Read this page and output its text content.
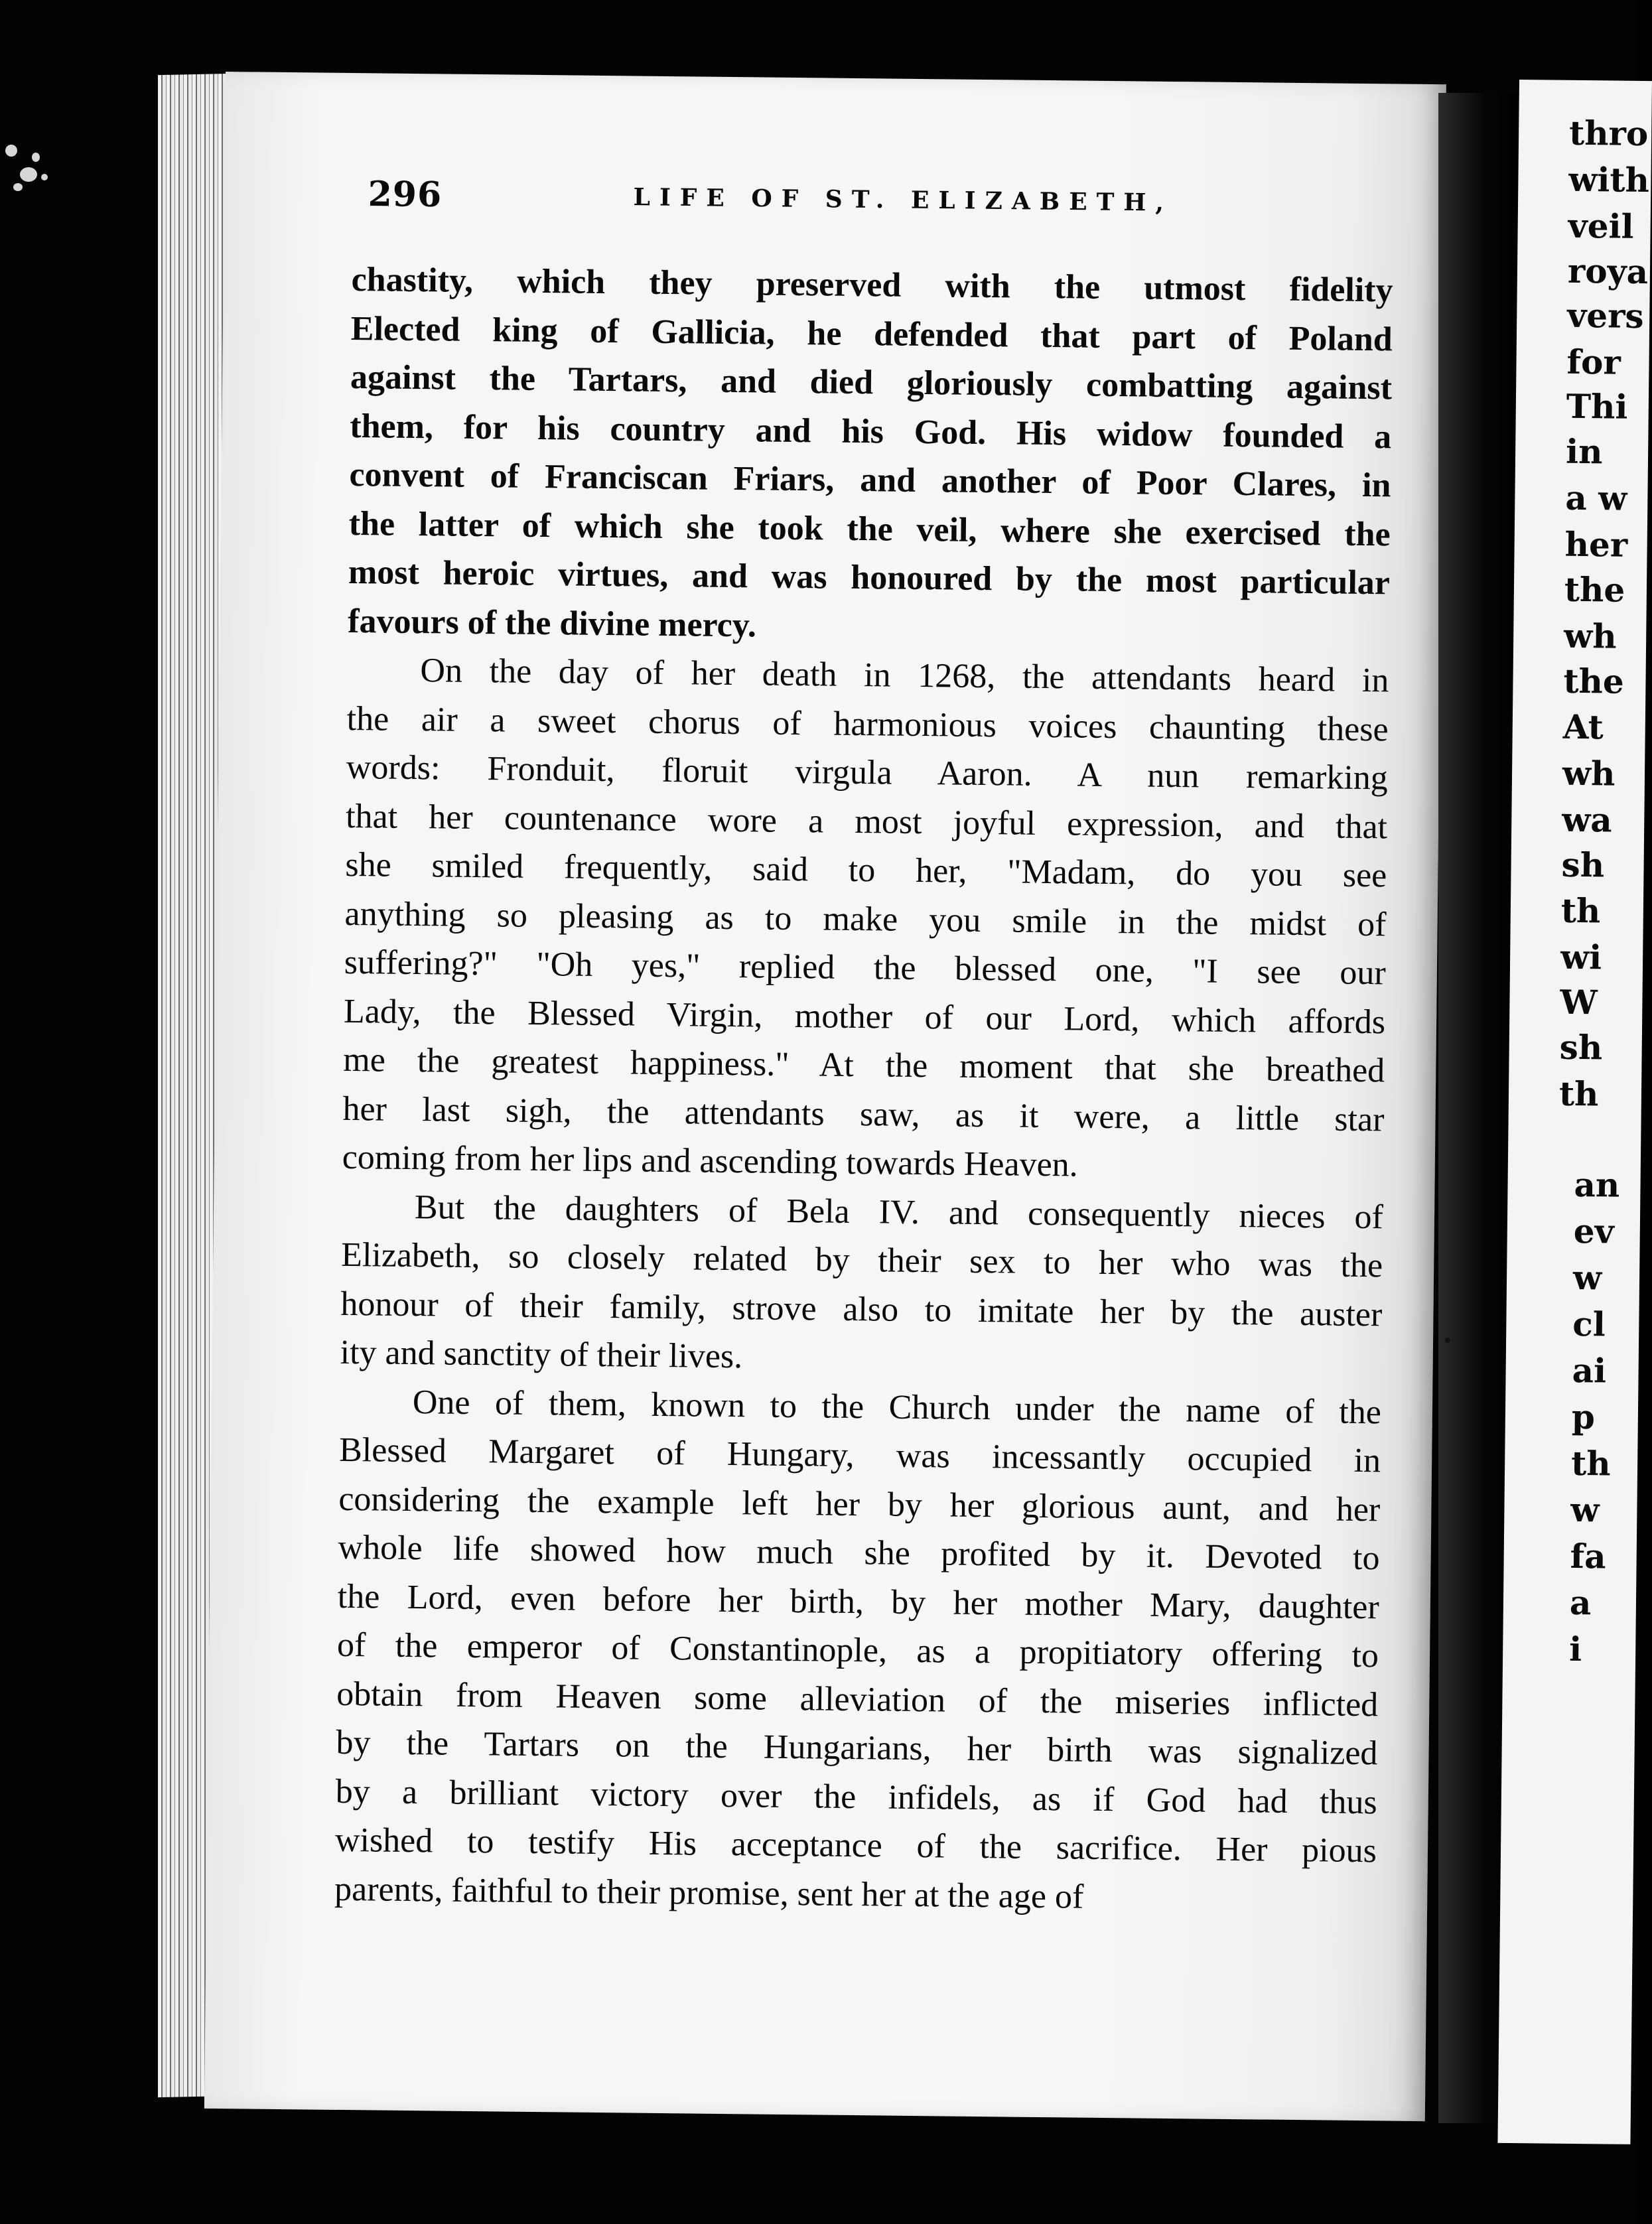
thro
with
veil
roya
vers
for
Thi
in
a w
her
the
wh
the
At
wh
wa
sh
th
wi
W
sh
th
an
ev
w
cl
ai
p
th
w
fa
a
i
296	LIFE OF ST. ELIZABETH,
chastity, which they preserved with the utmost fidelity
Elected king of Gallicia, he defended that part of Poland
against the Tartars, and died gloriously combatting against
them, for his country and his God. His widow founded a
convent of Franciscan Friars, and another of Poor Clares, in
the latter of which she took the veil, where she exercised the
most heroic virtues, and was honoured by the most particular
favours of the divine mercy.
On the day of her death in 1268, the attendants heard in
the air a sweet chorus of harmonious voices chaunting these
words: Fronduit, floruit virgula Aaron. A nun remarking
that her countenance wore a most joyful expression, and that
she smiled frequently, said to her, "Madam, do you see
anything so pleasing as to make you smile in the midst of
suffering?" "Oh yes," replied the blessed one, "I see our
Lady, the Blessed Virgin, mother of our Lord, which affords
me the greatest happiness." At the moment that she breathed
her last sigh, the attendants saw, as it were, a little star
coming from her lips and ascending towards Heaven.
But the daughters of Bela IV. and consequently nieces of
Elizabeth, so closely related by their sex to her who was the
honour of their family, strove also to imitate her by the auster
ity and sanctity of their lives.
One of them, known to the Church under the name of the
Blessed Margaret of Hungary, was incessantly occupied in
considering the example left her by her glorious aunt, and her
whole life showed how much she profited by it. Devoted to
the Lord, even before her birth, by her mother Mary, daughter
of the emperor of Constantinople, as a propitiatory offering to
obtain from Heaven some alleviation of the miseries inflicted
by the Tartars on the Hungarians, her birth was signalized
by a brilliant victory over the infidels, as if God had thus
wished to testify His acceptance of the sacrifice. Her pious
parents, faithful to their promise, sent her at the age of
